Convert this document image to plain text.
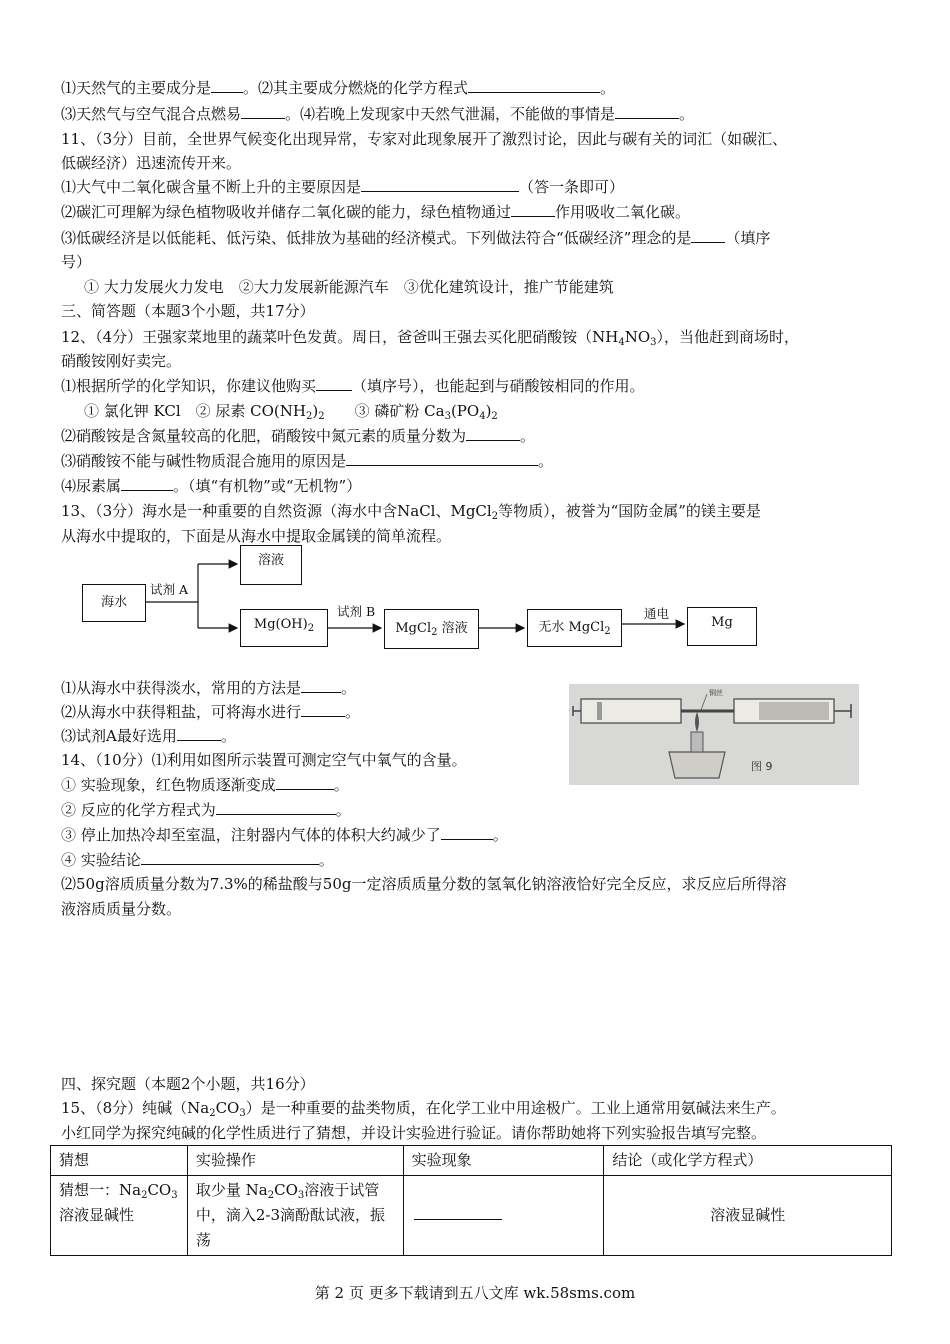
⑴天然气的主要成分是 。⑵其主要成分燃烧的化学方程式	。
⑶天然气与空气混合点燃易	。⑷若晚上发现家中天然气泄漏，不能做的事情是	。
11、（3分）目前，全世界气候变化出现异常，专家对此现象展开了激烈讨论，因此与碳有关的词汇（如碳汇、
低碳经济）迅速流传开来。
⑴大气中二氧化碳含量不断上升的主要原因是	（答一条即可）
⑵碳汇可理解为绿色植物吸收并储存二氧化碳的能力，绿色植物通过	作用吸收二氧化碳。
⑶低碳经济是以低能耗、低污染、低排放为基础的经济模式。下列做法符合“低碳经济”理念的是 （填序
号）
① 大力发展火力发电　②大力发展新能源汽车　③优化建筑设计，推广节能建筑
三、简答题（本题3个小题，共17分）
12、（4分）王强家菜地里的蔬菜叶色发黄。周日，爸爸叫王强去买化肥硝酸铵$(NH_4NO_3)$，当他赶到商场时，
硝酸铵刚好卖完。
⑴根据所学的化学知识，你建议他购买 （填序号），也能起到与硝酸铵相同的作用。
① 氯化钾 KCl　② 尿素 $CO(NH_2)_2$　　③ 磷矿粉 $Ca_3(PO_4)_2$
⑵硝酸铵是含氮量较高的化肥，硝酸铵中氮元素的质量分数为	。
⑶硝酸铵不能与碱性物质混合施用的原因是	。
⑷尿素属	。（填“有机物”或“无机物”）
13、（3分）海水是一种重要的自然资源（海水中含NaCl、MgCl$_2$等物质），被誉为“国防金属”的镁主要是
从海水中提取的，下面是从海水中提取金属镁的简单流程。
海水
试剂 A
溶液
$Mg(OH)_2$
试剂 B
MgCl$_2$ 溶液	无水 MgCl$_2$
通电
Mg
⑴从海水中获得淡水，常用的方法是	。
⑵从海水中获得粗盐，可将海水进行	。
⑶试剂A最好选用	。
图 9
铜丝
14、（10分）⑴利用如图所示装置可测定空气中氧气的含量。
① 实验现象，红色物质逐渐变成	。
② 反应的化学方程式为	。
③ 停止加热冷却至室温，注射器内气体的体积大约减少了	。
④ 实验结论	。
⑵50g溶质质量分数为7.3%的稀盐酸与50g一定溶质质量分数的氢氧化钠溶液恰好完全反应，求反应后所得溶
液溶质质量分数。
四、探究题（本题2个小题，共16分）
15、（8分）纯碱$(Na_2CO_3)$是一种重要的盐类物质，在化学工业中用途极广。工业上通常用氨碱法来生产。
小红同学为探究纯碱的化学性质进行了猜想，并设计实验进行验证。请你帮助她将下列实验报告填写完整。
猜想	实验操作	实验现象	结论（或化学方程式）
猜想一：$Na_2CO_3$
溶液显碱性	取少量 $Na_2CO_3$溶液于试管中，滴入2-3滴酚酞试液，振荡		溶液显碱性
第 2 页 更多下载请到五八文库 wk.58sms.com
